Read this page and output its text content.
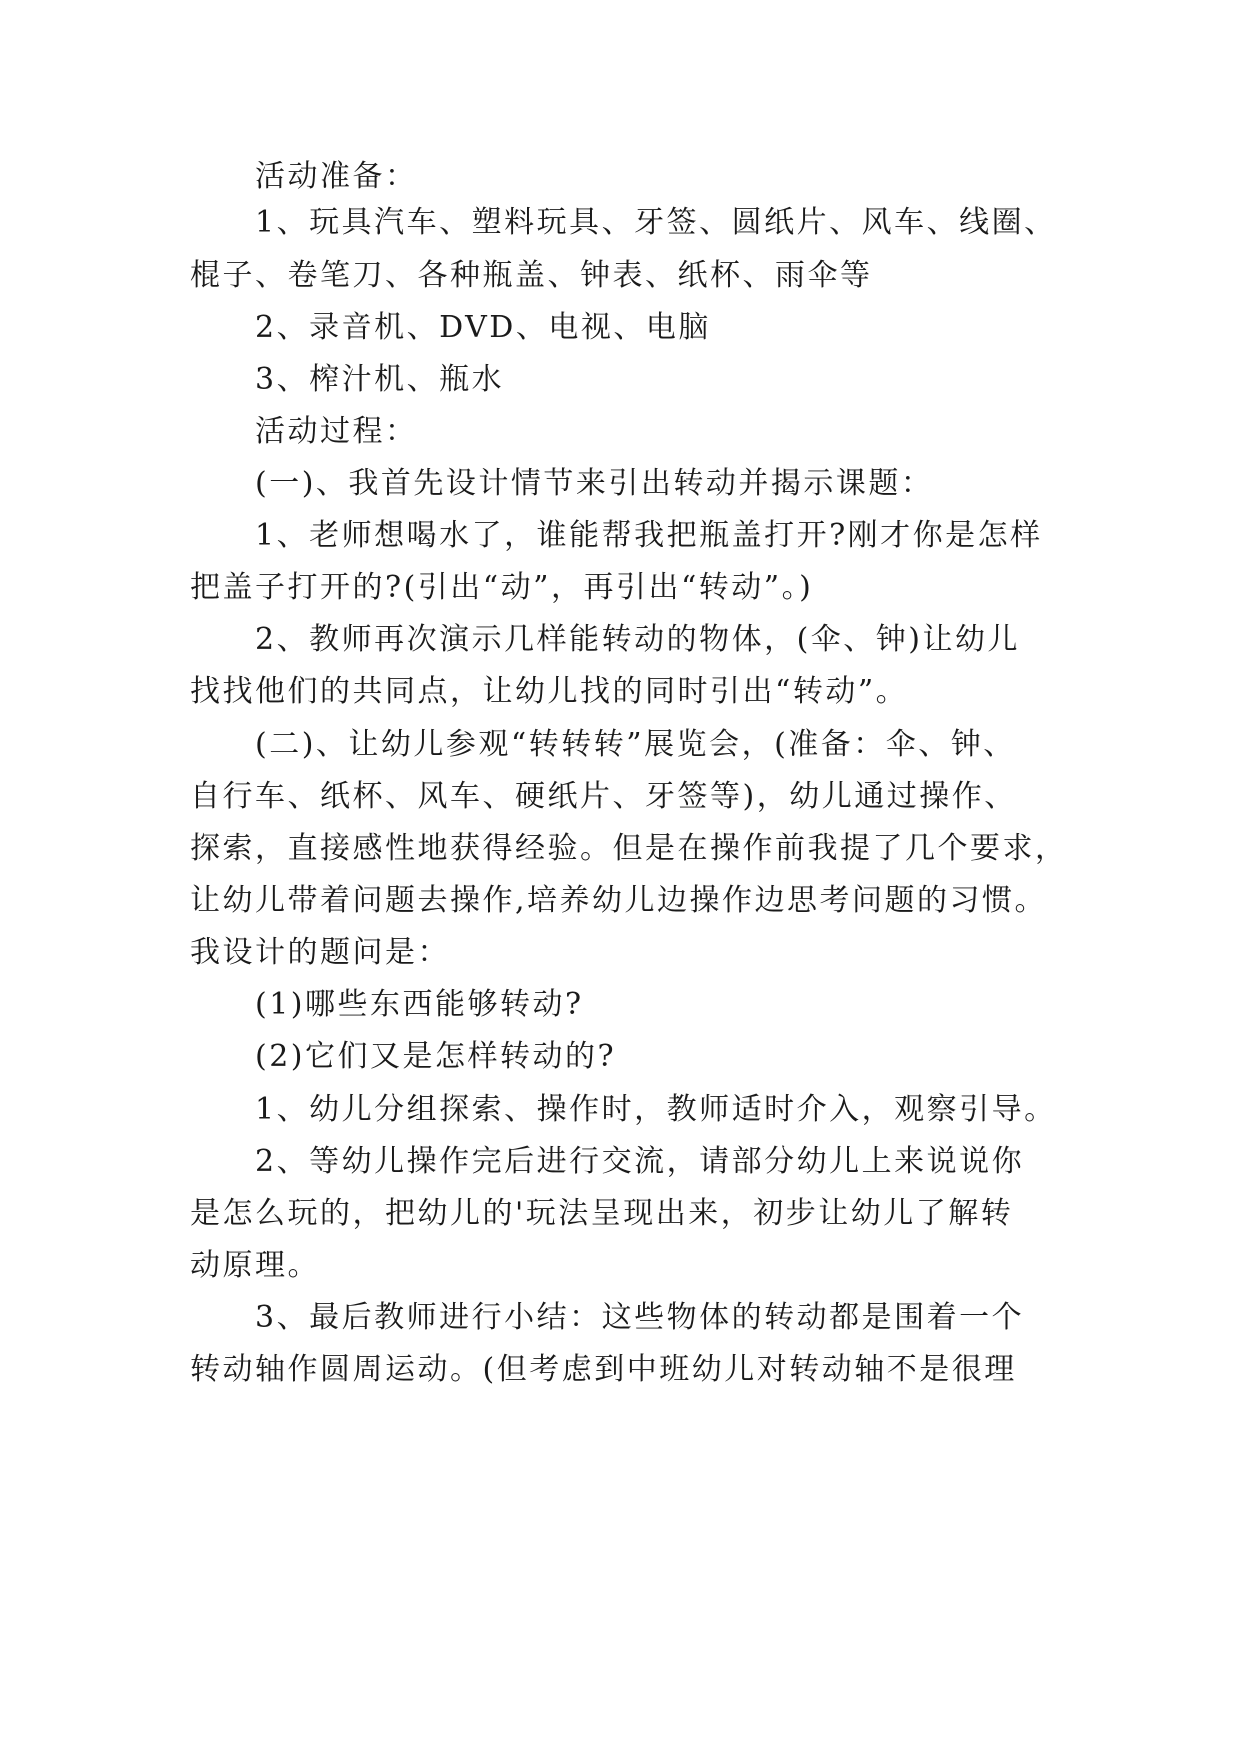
活动准备：
1、玩具汽车、塑料玩具、牙签、圆纸片、风车、线圈、
棍子、卷笔刀、各种瓶盖、钟表、纸杯、雨伞等
2、录音机、DVD、电视、电脑
3、榨汁机、瓶水
活动过程：
(一)、我首先设计情节来引出转动并揭示课题：
1、老师想喝水了，谁能帮我把瓶盖打开?刚才你是怎样
把盖子打开的?(引出“动”，再引出“转动”。)
2、教师再次演示几样能转动的物体，(伞、钟)让幼儿
找找他们的共同点，让幼儿找的同时引出“转动”。
(二)、让幼儿参观“转转转”展览会，(准备：伞、钟、
自行车、纸杯、风车、硬纸片、牙签等)，幼儿通过操作、
探索，直接感性地获得经验。但是在操作前我提了几个要求，
让幼儿带着问题去操作,培养幼儿边操作边思考问题的习惯。
我设计的题问是：
(1)哪些东西能够转动?
(2)它们又是怎样转动的?
1、幼儿分组探索、操作时，教师适时介入，观察引导。
2、等幼儿操作完后进行交流，请部分幼儿上来说说你
是怎么玩的，把幼儿的'玩法呈现出来，初步让幼儿了解转
动原理。
3、最后教师进行小结：这些物体的转动都是围着一个
转动轴作圆周运动。(但考虑到中班幼儿对转动轴不是很理
